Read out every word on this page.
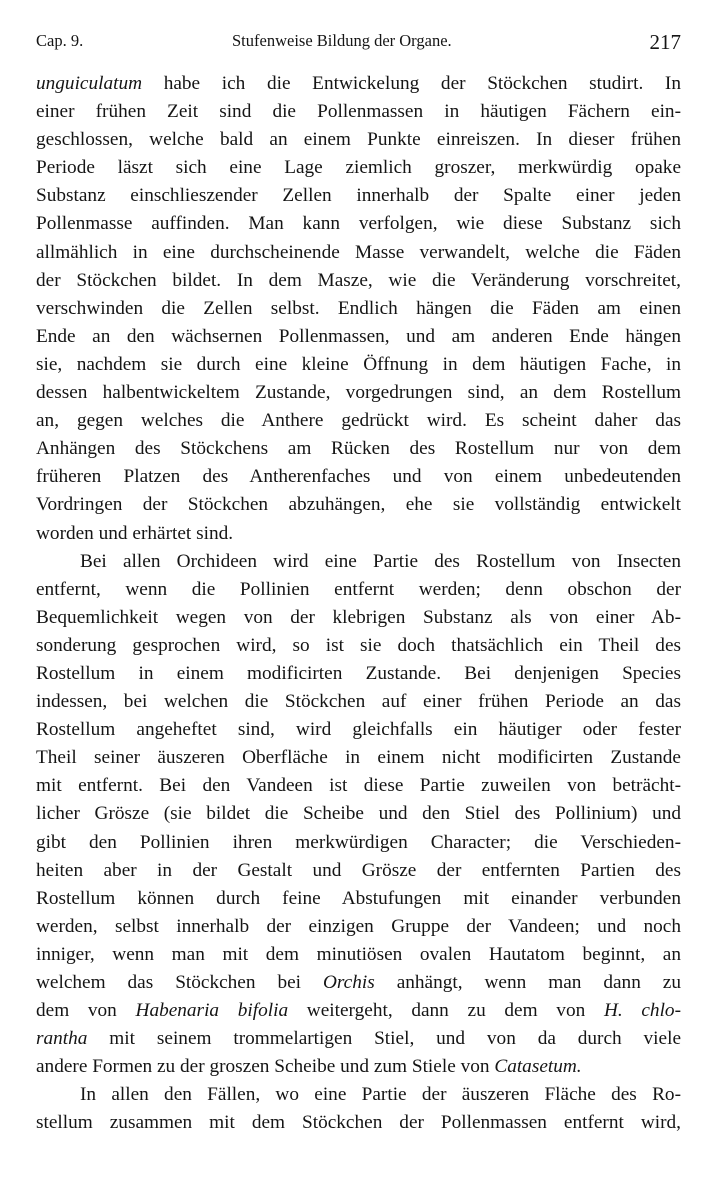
Cap. 9.	Stufenweise Bildung der Organe.	217
unguiculatum habe ich die Entwickelung der Stöckchen studirt. In
einer frühen Zeit sind die Pollenmassen in häutigen Fächern ein-
geschlossen, welche bald an einem Punkte einreiszen. In dieser frühen
Periode läszt sich eine Lage ziemlich groszer, merkwürdig opake
Substanz einschlieszender Zellen innerhalb der Spalte einer jeden
Pollenmasse auffinden. Man kann verfolgen, wie diese Substanz sich
allmählich in eine durchscheinende Masse verwandelt, welche die Fäden
der Stöckchen bildet. In dem Masze, wie die Veränderung vorschreitet,
verschwinden die Zellen selbst. Endlich hängen die Fäden am einen
Ende an den wächsernen Pollenmassen, und am anderen Ende hängen
sie, nachdem sie durch eine kleine Öffnung in dem häutigen Fache, in
dessen halbentwickeltem Zustande, vorgedrungen sind, an dem Rostellum
an, gegen welches die Anthere gedrückt wird. Es scheint daher das
Anhängen des Stöckchens am Rücken des Rostellum nur von dem
früheren Platzen des Antherenfaches und von einem unbedeutenden
Vordringen der Stöckchen abzuhängen, ehe sie vollständig entwickelt
worden und erhärtet sind.
Bei allen Orchideen wird eine Partie des Rostellum von Insecten
entfernt, wenn die Pollinien entfernt werden; denn obschon der
Bequemlichkeit wegen von der klebrigen Substanz als von einer Ab-
sonderung gesprochen wird, so ist sie doch thatsächlich ein Theil des
Rostellum in einem modificirten Zustande. Bei denjenigen Species
indessen, bei welchen die Stöckchen auf einer frühen Periode an das
Rostellum angeheftet sind, wird gleichfalls ein häutiger oder fester
Theil seiner äuszeren Oberfläche in einem nicht modificirten Zustande
mit entfernt. Bei den Vandeen ist diese Partie zuweilen von beträcht-
licher Grösze (sie bildet die Scheibe und den Stiel des Pollinium) und
gibt den Pollinien ihren merkwürdigen Character; die Verschieden-
heiten aber in der Gestalt und Grösze der entfernten Partien des
Rostellum können durch feine Abstufungen mit einander verbunden
werden, selbst innerhalb der einzigen Gruppe der Vandeen; und noch
inniger, wenn man mit dem minutiösen ovalen Hautatom beginnt, an
welchem das Stöckchen bei Orchis anhängt, wenn man dann zu
dem von Habenaria bifolia weitergeht, dann zu dem von H. chlo-
rantha mit seinem trommelartigen Stiel, und von da durch viele
andere Formen zu der groszen Scheibe und zum Stiele von Catasetum.
In allen den Fällen, wo eine Partie der äuszeren Fläche des Ro-
stellum zusammen mit dem Stöckchen der Pollenmassen entfernt wird,
